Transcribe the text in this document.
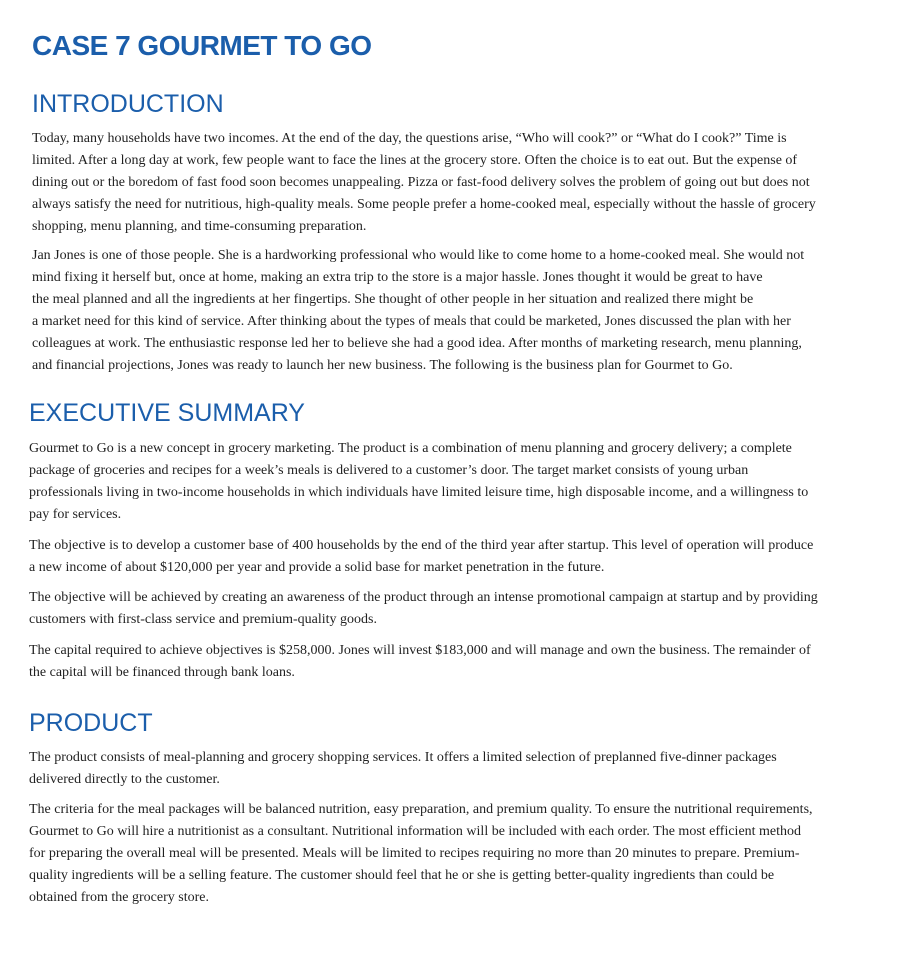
CASE 7 GOURMET TO GO
INTRODUCTION

Today, many households have two incomes. At the end of the day, the questions arise, “Who will cook?” or “What do I cook?” Time is
limited. After a long day at work, few people want to face the lines at the grocery store. Often the choice is to eat out. But the expense of
dining out or the boredom of fast food soon becomes unappealing. Pizza or fast-food delivery solves the problem of going out but does not
always satisfy the need for nutritious, high-quality meals. Some people prefer a home-cooked meal, especially without the hassle of grocery
shopping, menu planning, and time-consuming preparation.

Jan Jones is one of those people. She is a hardworking professional who would like to come home to a home-cooked meal. She would not
mind fixing it herself but, once at home, making an extra trip to the store is a major hassle. Jones thought it would be great to have
the meal planned and all the ingredients at her fingertips. She thought of other people in her situation and realized there might be
a market need for this kind of service. After thinking about the types of meals that could be marketed, Jones discussed the plan with her
colleagues at work. The enthusiastic response led her to believe she had a good idea. After months of marketing research, menu planning,
and financial projections, Jones was ready to launch her new business. The following is the business plan for Gourmet to Go.

EXECUTIVE SUMMARY

Gourmet to Go is a new concept in grocery marketing. The product is a combination of menu planning and grocery delivery; a complete
package of groceries and recipes for a week’s meals is delivered to a customer’s door. The target market consists of young urban
professionals living in two-income households in which individuals have limited leisure time, high disposable income, and a willingness to
pay for services.

The objective is to develop a customer base of 400 households by the end of the third year after startup. This level of operation will produce
a new income of about $120,000 per year and provide a solid base for market penetration in the future.

The objective will be achieved by creating an awareness of the product through an intense promotional campaign at startup and by providing
customers with first-class service and premium-quality goods.

The capital required to achieve objectives is $258,000. Jones will invest $183,000 and will manage and own the business. The remainder of
the capital will be financed through bank loans.

PRODUCT

The product consists of meal-planning and grocery shopping services. It offers a limited selection of preplanned five-dinner packages
delivered directly to the customer.

The criteria for the meal packages will be balanced nutrition, easy preparation, and premium quality. To ensure the nutritional requirements,
Gourmet to Go will hire a nutritionist as a consultant. Nutritional information will be included with each order. The most efficient method
for preparing the overall meal will be presented. Meals will be limited to recipes requiring no more than 20 minutes to prepare. Premium-
quality ingredients will be a selling feature. The customer should feel that he or she is getting better-quality ingredients than could be
obtained from the grocery store.
